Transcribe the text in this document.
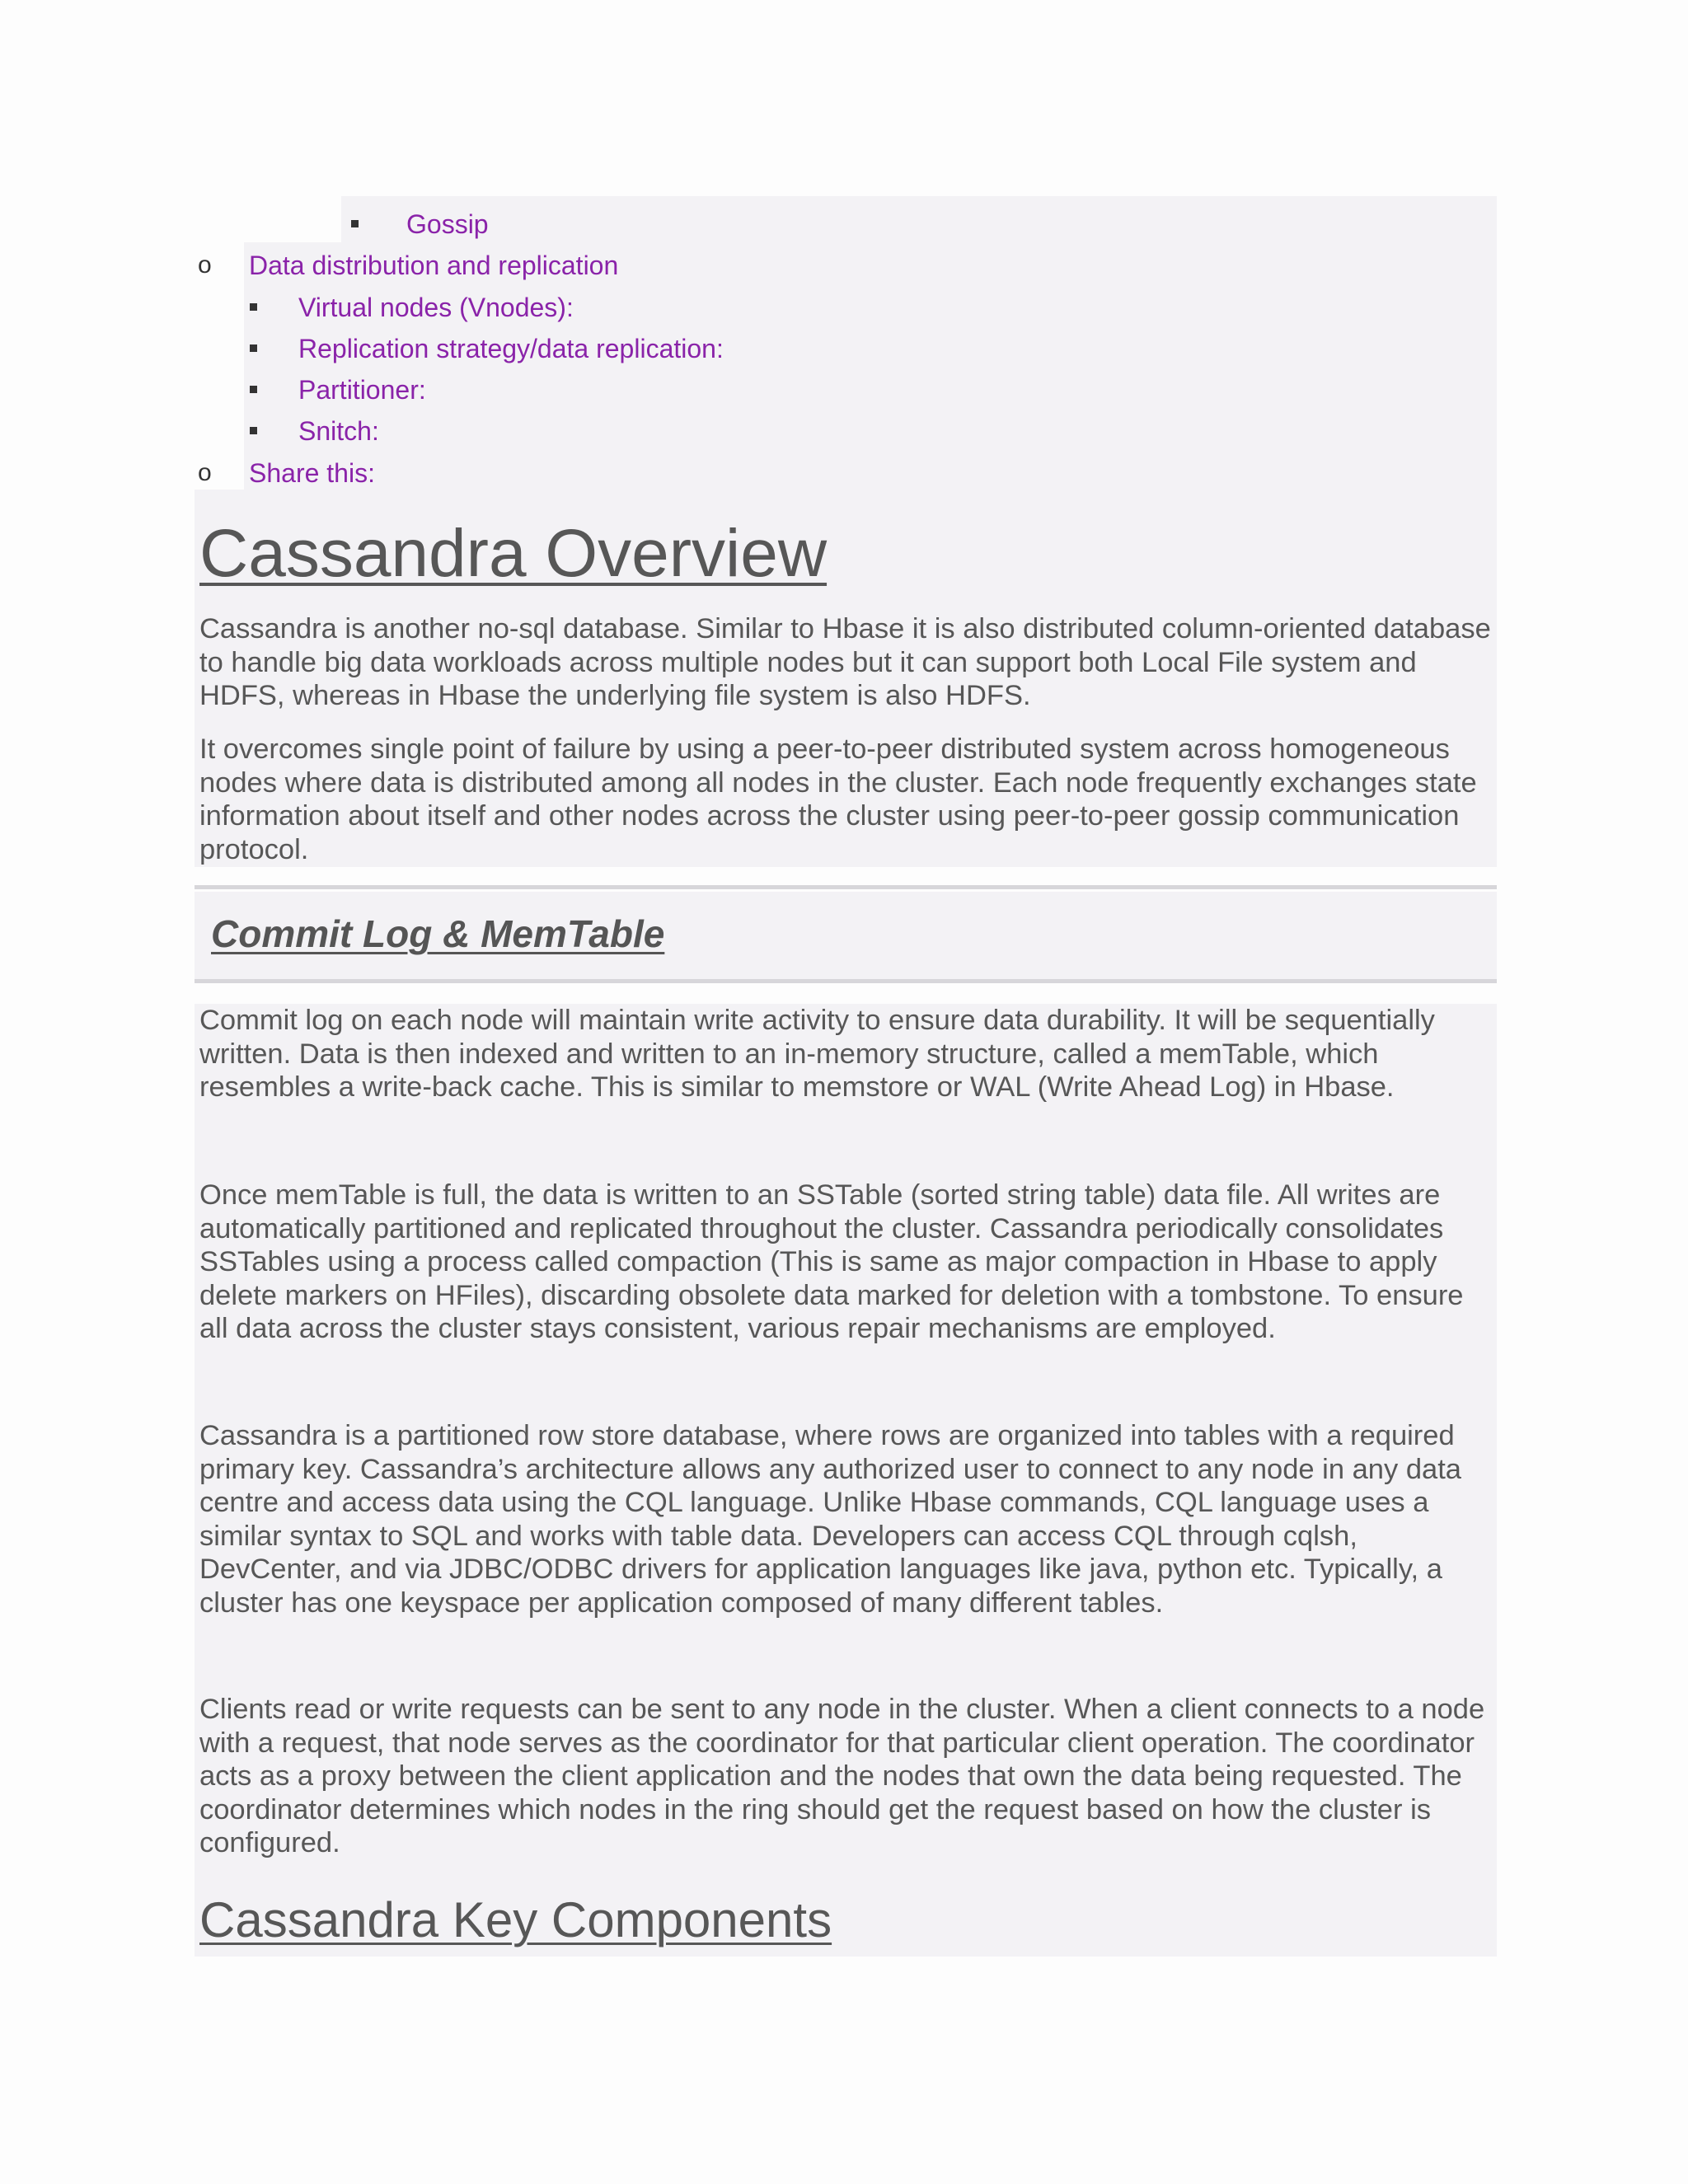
Gossip
o Data distribution and replication
Virtual nodes (Vnodes):
Replication strategy/data replication:
Partitioner:
Snitch:
o Share this:
Cassandra Overview

Cassandra is another no-sql database. Similar to Hbase it is also distributed column-oriented database to handle big data workloads across multiple nodes but it can support both Local File system and HDFS, whereas in Hbase the underlying file system is also HDFS.

It overcomes single point of failure by using a peer-to-peer distributed system across homogeneous nodes where data is distributed among all nodes in the cluster. Each node frequently exchanges state information about itself and other nodes across the cluster using peer-to-peer gossip communication protocol.

Commit Log & MemTable

Commit log on each node will maintain write activity to ensure data durability. It will be sequentially written. Data is then indexed and written to an in-memory structure, called a memTable, which resembles a write-back cache. This is similar to memstore or WAL (Write Ahead Log) in Hbase.

Once memTable is full, the data is written to an SSTable (sorted string table) data file. All writes are automatically partitioned and replicated throughout the cluster. Cassandra periodically consolidates SSTables using a process called compaction (This is same as major compaction in Hbase to apply delete markers on HFiles), discarding obsolete data marked for deletion with a tombstone. To ensure all data across the cluster stays consistent, various repair mechanisms are employed.

Cassandra is a partitioned row store database, where rows are organized into tables with a required primary key. Cassandra’s architecture allows any authorized user to connect to any node in any data centre and access data using the CQL language. Unlike Hbase commands, CQL language uses a similar syntax to SQL and works with table data. Developers can access CQL through cqlsh, DevCenter, and via JDBC/ODBC drivers for application languages like java, python etc. Typically, a cluster has one keyspace per application composed of many different tables.

Clients read or write requests can be sent to any node in the cluster. When a client connects to a node with a request, that node serves as the coordinator for that particular client operation. The coordinator acts as a proxy between the client application and the nodes that own the data being requested. The coordinator determines which nodes in the ring should get the request based on how the cluster is configured.

Cassandra Key Components
